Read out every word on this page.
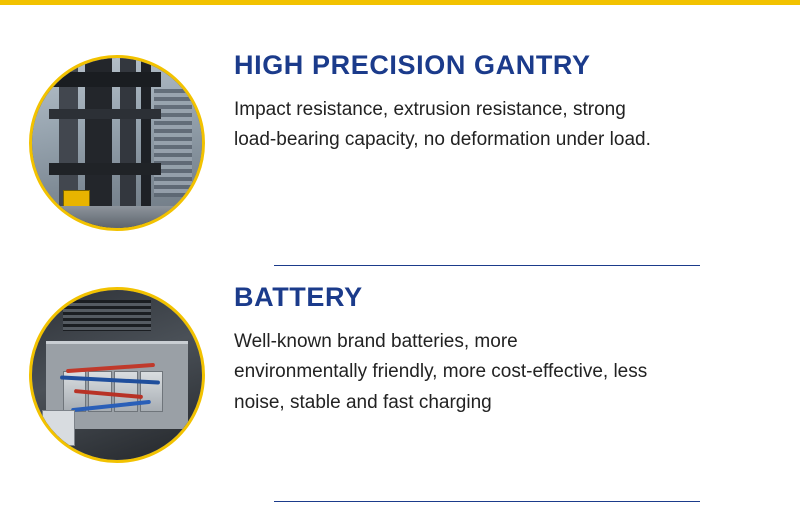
HIGH PRECISION GANTRY

Impact resistance, extrusion resistance, strong load-bearing capacity, no deformation under load.

BATTERY

Well-known brand batteries, more environmentally friendly, more cost-effective, less noise, stable and fast charging
